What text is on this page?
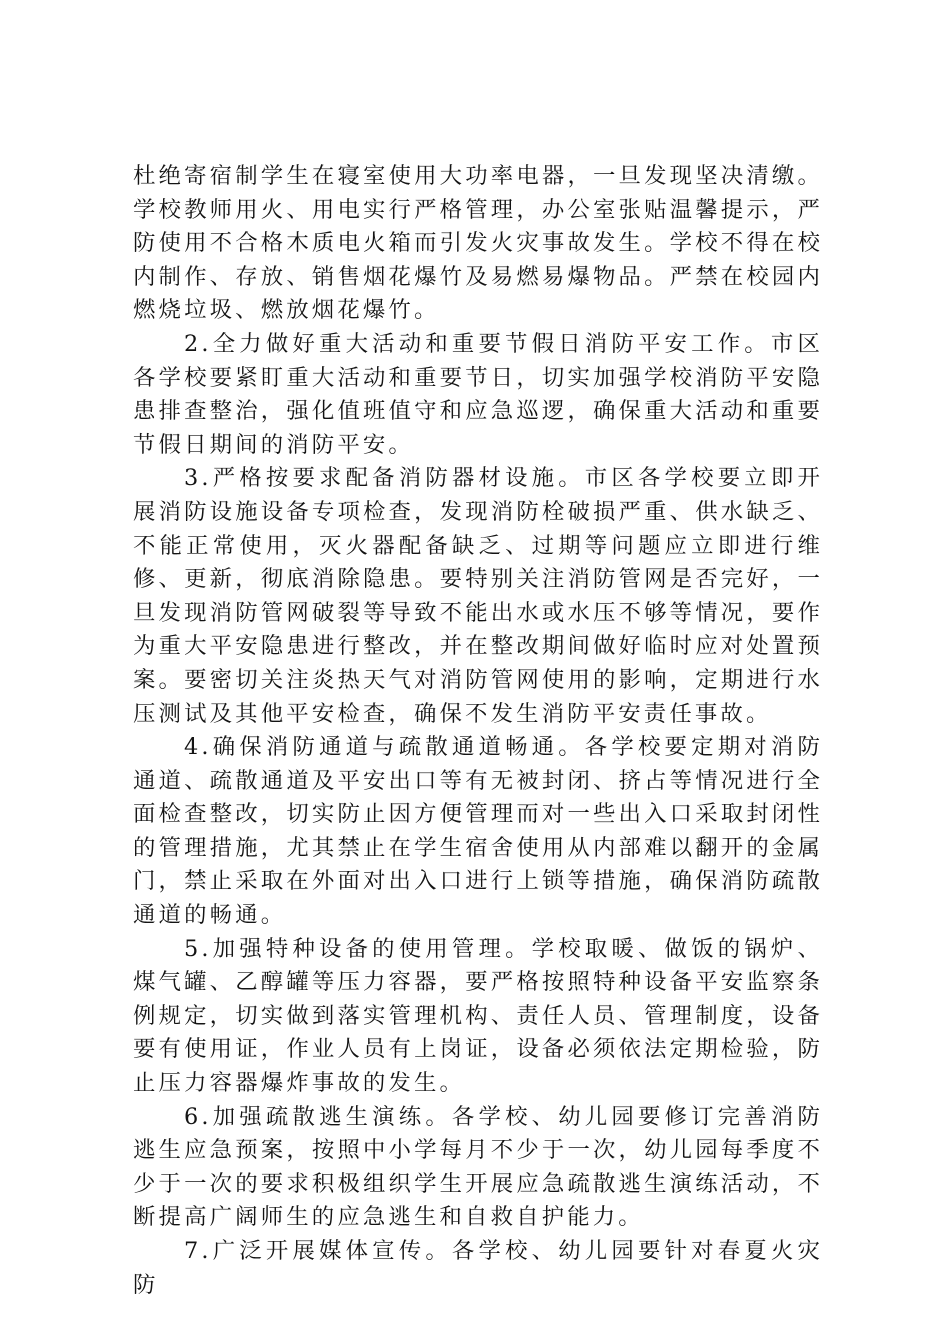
杜绝寄宿制学生在寝室使用大功率电器，一旦发现坚决清缴。学校教师用火、用电实行严格管理，办公室张贴温馨提示，严防使用不合格木质电火箱而引发火灾事故发生。学校不得在校内制作、存放、销售烟花爆竹及易燃易爆物品。严禁在校园内燃烧垃圾、燃放烟花爆竹。

2.全力做好重大活动和重要节假日消防平安工作。市区各学校要紧盯重大活动和重要节日，切实加强学校消防平安隐患排查整治，强化值班值守和应急巡逻，确保重大活动和重要节假日期间的消防平安。

3.严格按要求配备消防器材设施。市区各学校要立即开展消防设施设备专项检查，发现消防栓破损严重、供水缺乏、不能正常使用，灭火器配备缺乏、过期等问题应立即进行维修、更新，彻底消除隐患。要特别关注消防管网是否完好，一旦发现消防管网破裂等导致不能出水或水压不够等情况，要作为重大平安隐患进行整改，并在整改期间做好临时应对处置预案。要密切关注炎热天气对消防管网使用的影响，定期进行水压测试及其他平安检查，确保不发生消防平安责任事故。

4.确保消防通道与疏散通道畅通。各学校要定期对消防通道、疏散通道及平安出口等有无被封闭、挤占等情况进行全面检查整改，切实防止因方便管理而对一些出入口采取封闭性的管理措施，尤其禁止在学生宿舍使用从内部难以翻开的金属门，禁止采取在外面对出入口进行上锁等措施，确保消防疏散通道的畅通。

5.加强特种设备的使用管理。学校取暖、做饭的锅炉、煤气罐、乙醇罐等压力容器，要严格按照特种设备平安监察条例规定，切实做到落实管理机构、责任人员、管理制度，设备要有使用证，作业人员有上岗证，设备必须依法定期检验，防止压力容器爆炸事故的发生。

6.加强疏散逃生演练。各学校、幼儿园要修订完善消防逃生应急预案，按照中小学每月不少于一次，幼儿园每季度不少于一次的要求积极组织学生开展应急疏散逃生演练活动，不断提高广阔师生的应急逃生和自救自护能力。

7.广泛开展媒体宣传。各学校、幼儿园要针对春夏火灾防
